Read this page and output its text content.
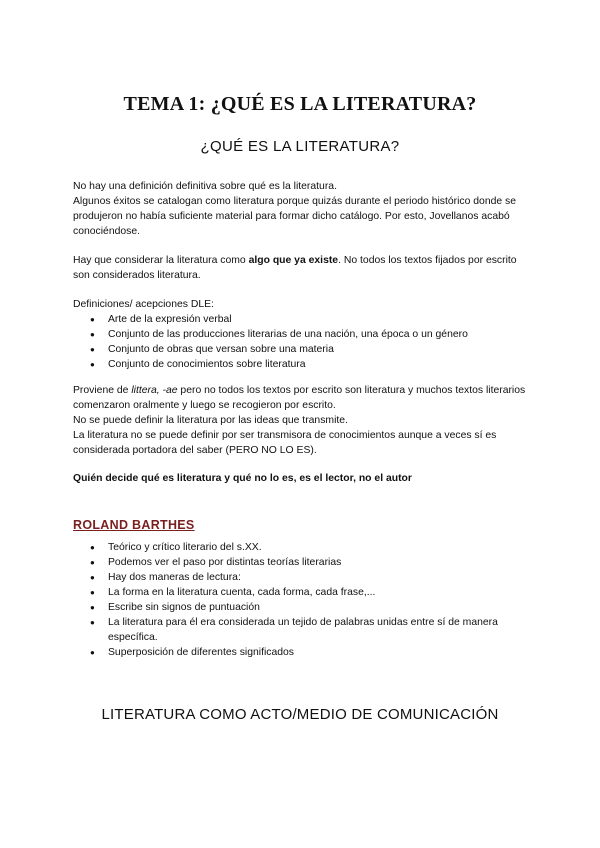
TEMA 1: ¿QUÉ ES LA LITERATURA?
¿QUÉ ES LA LITERATURA?

No hay una definición definitiva sobre qué es la literatura.

Algunos éxitos se catalogan como literatura porque quizás durante el periodo histórico donde se produjeron no había suficiente material para formar dicho catálogo. Por esto, Jovellanos acabó conociéndose.

Hay que considerar la literatura como algo que ya existe. No todos los textos fijados por escrito son considerados literatura.

Definiciones/ acepciones DLE:

● Arte de la expresión verbal
● Conjunto de las producciones literarias de una nación, una época o un género
● Conjunto de obras que versan sobre una materia
● Conjunto de conocimientos sobre literatura

Proviene de littera, -ae pero no todos los textos por escrito son literatura y muchos textos literarios comenzaron oralmente y luego se recogieron por escrito.

No se puede definir la literatura por las ideas que transmite.

La literatura no se puede definir por ser transmisora de conocimientos aunque a veces sí es considerada portadora del saber (PERO NO LO ES).

Quién decide qué es literatura y qué no lo es, es el lector, no el autor
ROLAND BARTHES
● Teórico y crítico literario del s.XX.
● Podemos ver el paso por distintas teorías literarias
● Hay dos maneras de lectura:
● La forma en la literatura cuenta, cada forma, cada frase,...
● Escribe sin signos de puntuación
● La literatura para él era considerada un tejido de palabras unidas entre sí de manera específica.
● Superposición de diferentes significados
LITERATURA COMO ACTO/MEDIO DE COMUNICACIÓN
